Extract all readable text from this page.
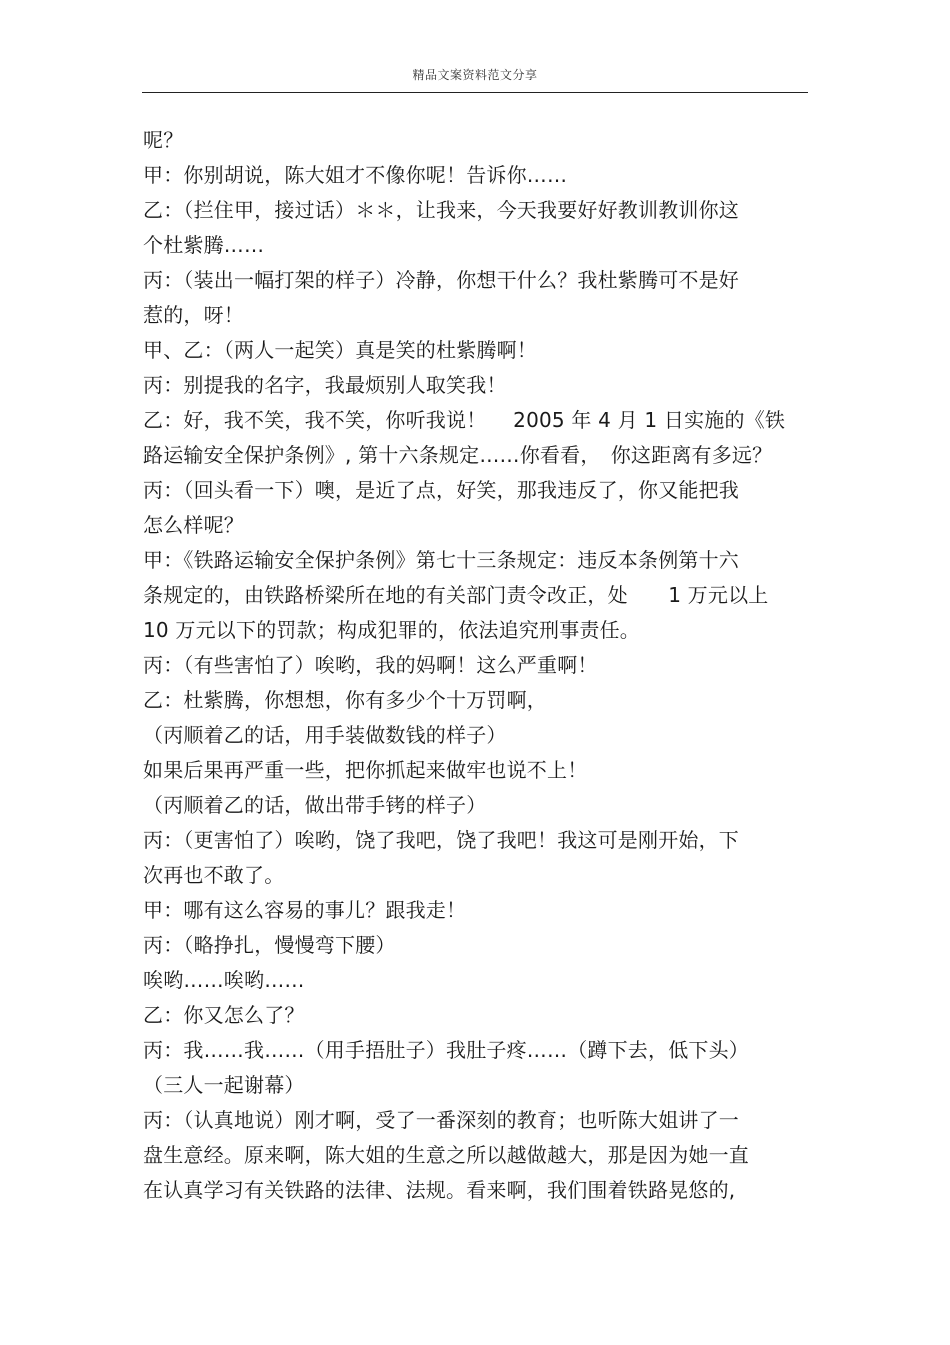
精品文案资料范文分享
呢？
甲：你别胡说，陈大姐才不像你呢！告诉你……
乙：（拦住甲，接过话）＊＊，让我来，今天我要好好教训教训你这
个杜紫腾……
丙：（装出一幅打架的样子）冷静，你想干什么？我杜紫腾可不是好
惹的，呀！
甲、乙：（两人一起笑）真是笑的杜紫腾啊！
丙：别提我的名字，我最烦别人取笑我！
乙：好，我不笑，我不笑，你听我说！　 2005 年 4 月 1 日实施的《铁
路运输安全保护条例》, 第十六条规定……你看看，　你这距离有多远？
丙：（回头看一下）噢，是近了点，好笑，那我违反了，你又能把我
怎么样呢？
甲：《铁路运输安全保护条例》第七十三条规定：违反本条例第十六
条规定的，由铁路桥梁所在地的有关部门责令改正，处　　1 万元以上
10 万元以下的罚款；构成犯罪的，依法追究刑事责任。
丙：（有些害怕了）唉哟，我的妈啊！这么严重啊！
乙：杜紫腾，你想想，你有多少个十万罚啊，
（丙顺着乙的话，用手装做数钱的样子）
如果后果再严重一些，把你抓起来做牢也说不上！
（丙顺着乙的话，做出带手铐的样子）
丙：（更害怕了）唉哟，饶了我吧，饶了我吧！我这可是刚开始，下
次再也不敢了。
甲：哪有这么容易的事儿？跟我走！
丙：（略挣扎，慢慢弯下腰）
唉哟……唉哟……
乙：你又怎么了？
丙：我……我……（用手捂肚子）我肚子疼……（蹲下去，低下头）
（三人一起谢幕）
丙：（认真地说）刚才啊，受了一番深刻的教育；也听陈大姐讲了一
盘生意经。原来啊，陈大姐的生意之所以越做越大，那是因为她一直
在认真学习有关铁路的法律、法规。看来啊，我们围着铁路晃悠的,
